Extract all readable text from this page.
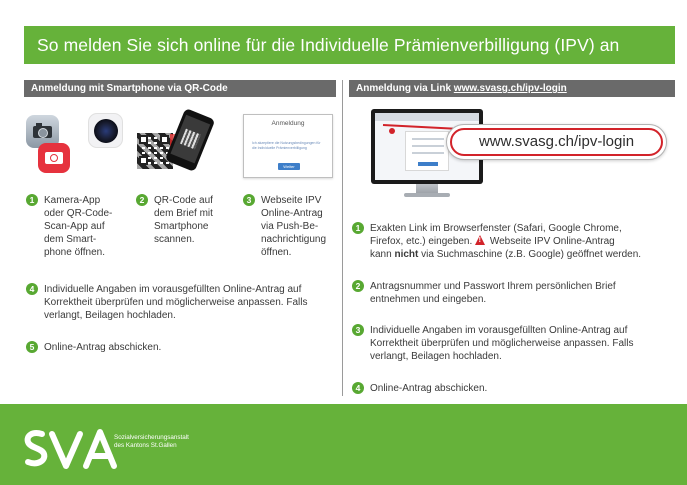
So melden Sie sich online für die Individuelle Prämienverbilligung (IPV) an
Anmeldung mit Smartphone via QR-Code	Anmeldung via Link www.svasg.ch/ipv-login
Anmeldung
Ich akzeptiere die Nutzungsbedingungen für die Individuelle Prämienverbilligung
Weiter
1 Kamera-App
oder QR-Code-
Scan-App auf
dem Smart-
phone öffnen.
2 QR-Code auf
dem Brief mit
Smartphone
scannen.
3 Webseite IPV
Online-Antrag
via Push-Be-
nachrichtigung
öffnen.
4 Individuelle Angaben im vorausgefüllten Online-Antrag auf
Korrektheit überprüfen und möglicherweise anpassen. Falls
verlangt, Beilagen hochladen.
5 Online-Antrag abschicken.
www.svasg.ch/ipv-login
1 Exakten Link im Browserfenster (Safari, Google Chrome,
Firefox, etc.) eingeben. ! Webseite IPV Online-Antrag
kann nicht via Suchmaschine (z.B. Google) geöffnet werden.
2 Antragsnummer und Passwort Ihrem persönlichen Brief
entnehmen und eingeben.
3 Individuelle Angaben im vorausgefüllten Online-Antrag auf
Korrektheit überprüfen und möglicherweise anpassen. Falls
verlangt, Beilagen hochladen.
4 Online-Antrag abschicken.
Sozialversicherungsanstalt
des Kantons St.Gallen
